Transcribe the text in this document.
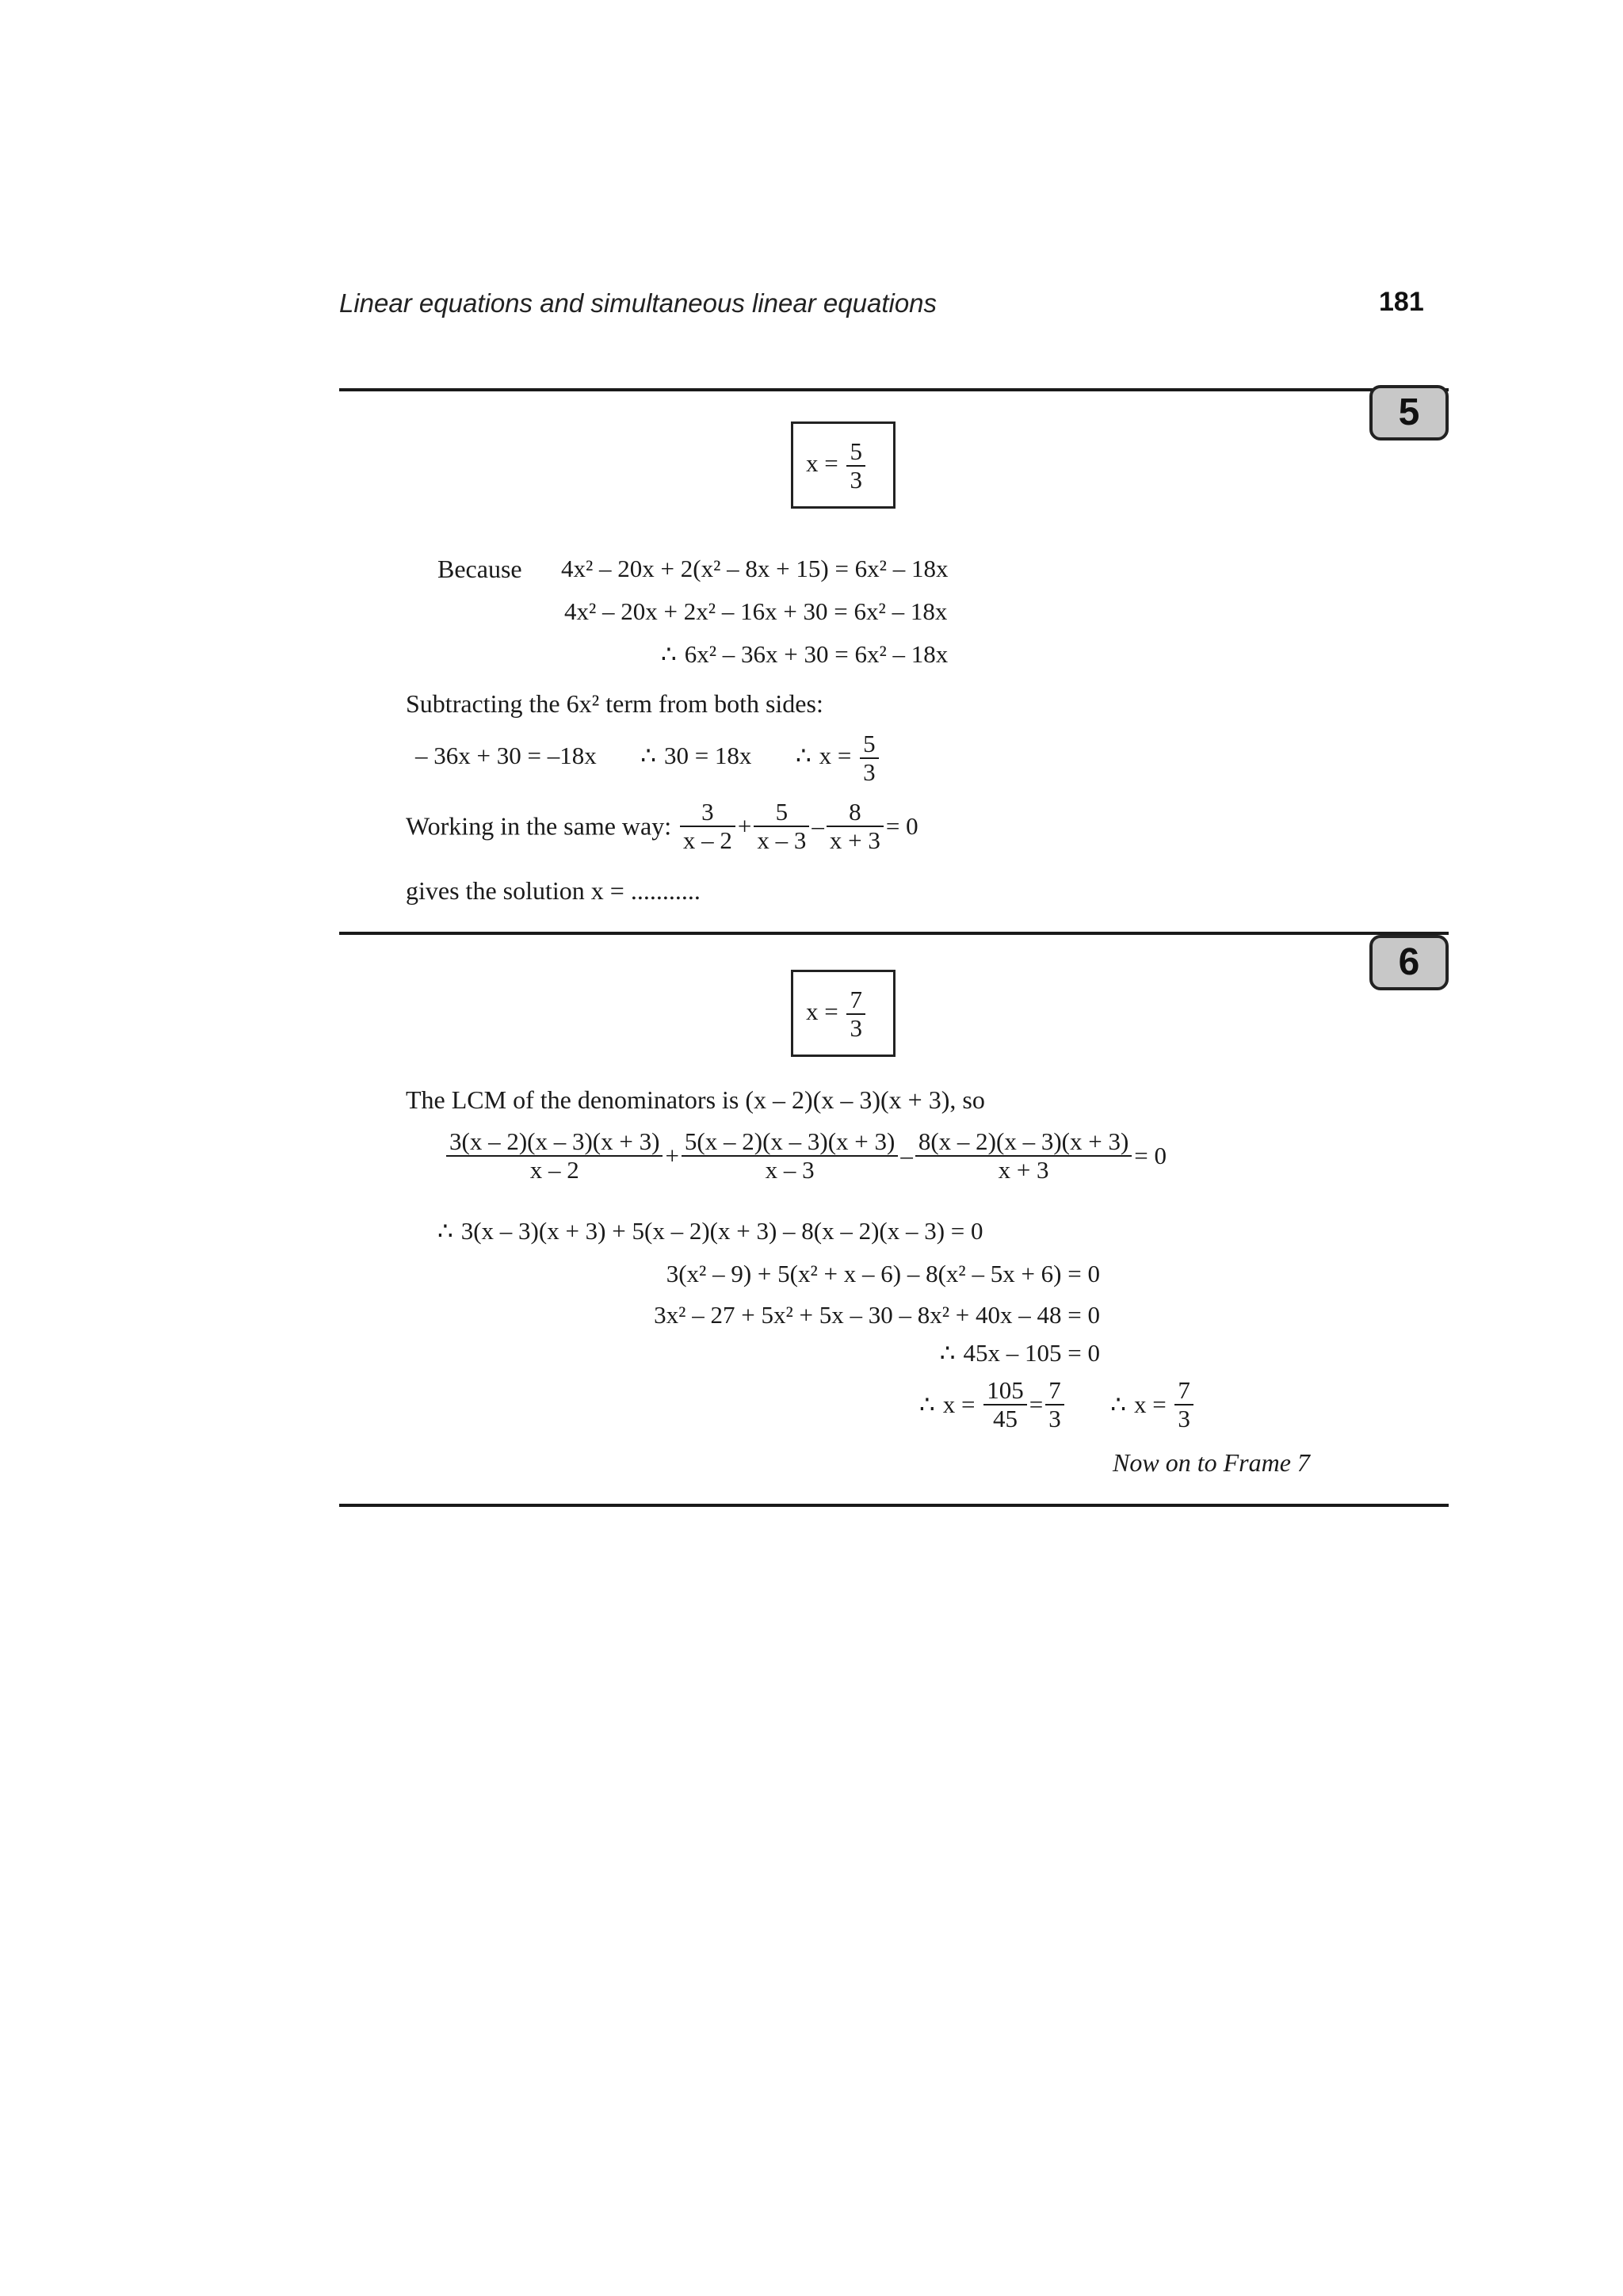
Linear equations and simultaneous linear equations	181
5
$x = \frac{5}{3}$
Because 4x² – 20x + 2(x² – 8x + 15) = 6x² – 18x
4x² – 20x + 2x² – 16x + 30 = 6x² – 18x
∴ 6x² – 36x + 30 = 6x² – 18x
Subtracting the 6x² term from both sides:
– 36x + 30 = –18x ∴ 30 = 18x ∴ $x = \frac{5}{3}$
Working in the same way: $\frac{3}{x - 2} + \frac{5}{x - 3} - \frac{8}{x + 3} = 0$
gives the solution x = ...........
6
$x = \frac{7}{3}$
The LCM of the denominators is (x – 2)(x – 3)(x + 3), so
$\frac{3(x - 2)(x - 3)(x + 3)}{x - 2} + \frac{5(x - 2)(x - 3)(x + 3)}{x - 3} - \frac{8(x - 2)(x - 3)(x + 3)}{x + 3} = 0$
∴ 3(x – 3)(x + 3) + 5(x – 2)(x + 3) – 8(x – 2)(x – 3) = 0
3(x² – 9) + 5(x² + x – 6) – 8(x² – 5x + 6) = 0
3x² – 27 + 5x² + 5x – 30 – 8x² + 40x – 48 = 0
∴ 45x – 105 = 0
∴ $x = \frac{105}{45} = \frac{7}{3}$ ∴ $x = \frac{7}{3}$
Now on to Frame 7
